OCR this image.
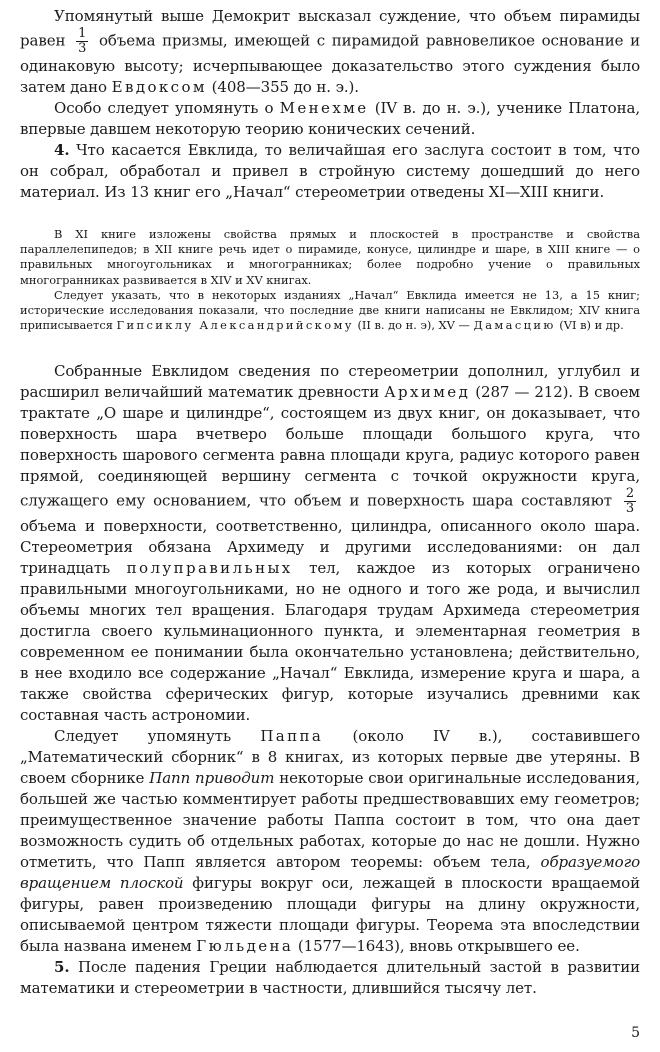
Упомянутый выше Демокрит высказал суждение, что объем пирамиды равен $\frac{1}{3}$ объема призмы, имеющей с пирамидой равновеликое основание и одинаковую высоту; исчерпывающее доказательство этого суждения было затем дано Евдоксом (408—355 до н. э.).

Особо следует упомянуть о Менехме (IV в. до н. э.), ученике Платона, впервые давшем некоторую теорию конических сечений.

4. Что касается Евклида, то величайшая его заслуга состоит в том, что он собрал, обработал и привел в стройную систему дошедший до него материал. Из 13 книг его „Начал“ стереометрии отведены XI—XIII книги.

В XI книге изложены свойства прямых и плоскостей в пространстве и свойства параллелепипедов; в XII книге речь идет о пирамиде, конусе, цилиндре и шаре, в XIII книге — о правильных многоугольниках и многогранниках; более подробно учение о правильных многогранниках развивается в XIV и XV книгах.

Следует указать, что в некоторых изданиях „Начал“ Евклида имеется не 13, а 15 книг; исторические исследования показали, что последние две книги написаны не Евклидом; XIV книга приписывается Гипсиклу Александрийскому (II в. до н. э), XV — Дамасцию (VI в) и др.

Собранные Евклидом сведения по стереометрии дополнил, углубил и расширил величайший математик древности Архимед (287 — 212). В своем трактате „О шаре и цилиндре“, состоящем из двух книг, он доказывает, что поверхность шара вчетверо больше площади большого круга, что поверхность шарового сегмента равна площади круга, радиус которого равен прямой, соединяющей вершину сегмента с точкой окружности круга, служащего ему основанием, что объем и поверхность шара составляют $\frac{2}{3}$
объема и поверхности, соответственно, цилиндра, описанного около шара. Стереометрия обязана Архимеду и другими исследованиями: он дал тринадцать полуправильных тел, каждое из которых ограничено правильными многоугольниками, но не одного и того же рода, и вычислил объемы многих тел вращения. Благодаря трудам Архимеда стереометрия достигла своего кульминационного пункта, и элементарная геометрия в современном ее понимании была окончательно установлена; действительно, в нее входило все содержание „Начал“ Евклида, измерение круга и шара, а также свойства сферических фигур, которые изучались древними как составная часть астрономии.

Следует упомянуть Паппа (около IV в.), составившего „Математический сборник“ в 8 книгах, из которых первые две утеряны. В своем сборнике Папп приводит некоторые свои оригинальные исследования, большей же частью комментирует работы предшествовавших ему геометров; преимущественное значение работы Паппа состоит в том, что она дает возможность судить об отдельных работах, которые до нас не дошли. Нужно отметить, что Папп является автором теоремы: объем тела, образуемого вращением плоской фигуры вокруг оси, лежащей в плоскости вращаемой фигуры, равен произведению площади фигуры на длину окружности, описываемой центром тяжести площади фигуры. Теорема эта впоследствии была названа именем Гюльдена (1577—1643), вновь открывшего ее.

5. После падения Греции наблюдается длительный застой в развитии математики и стереометрии в частности, длившийся тысячу лет.

5
